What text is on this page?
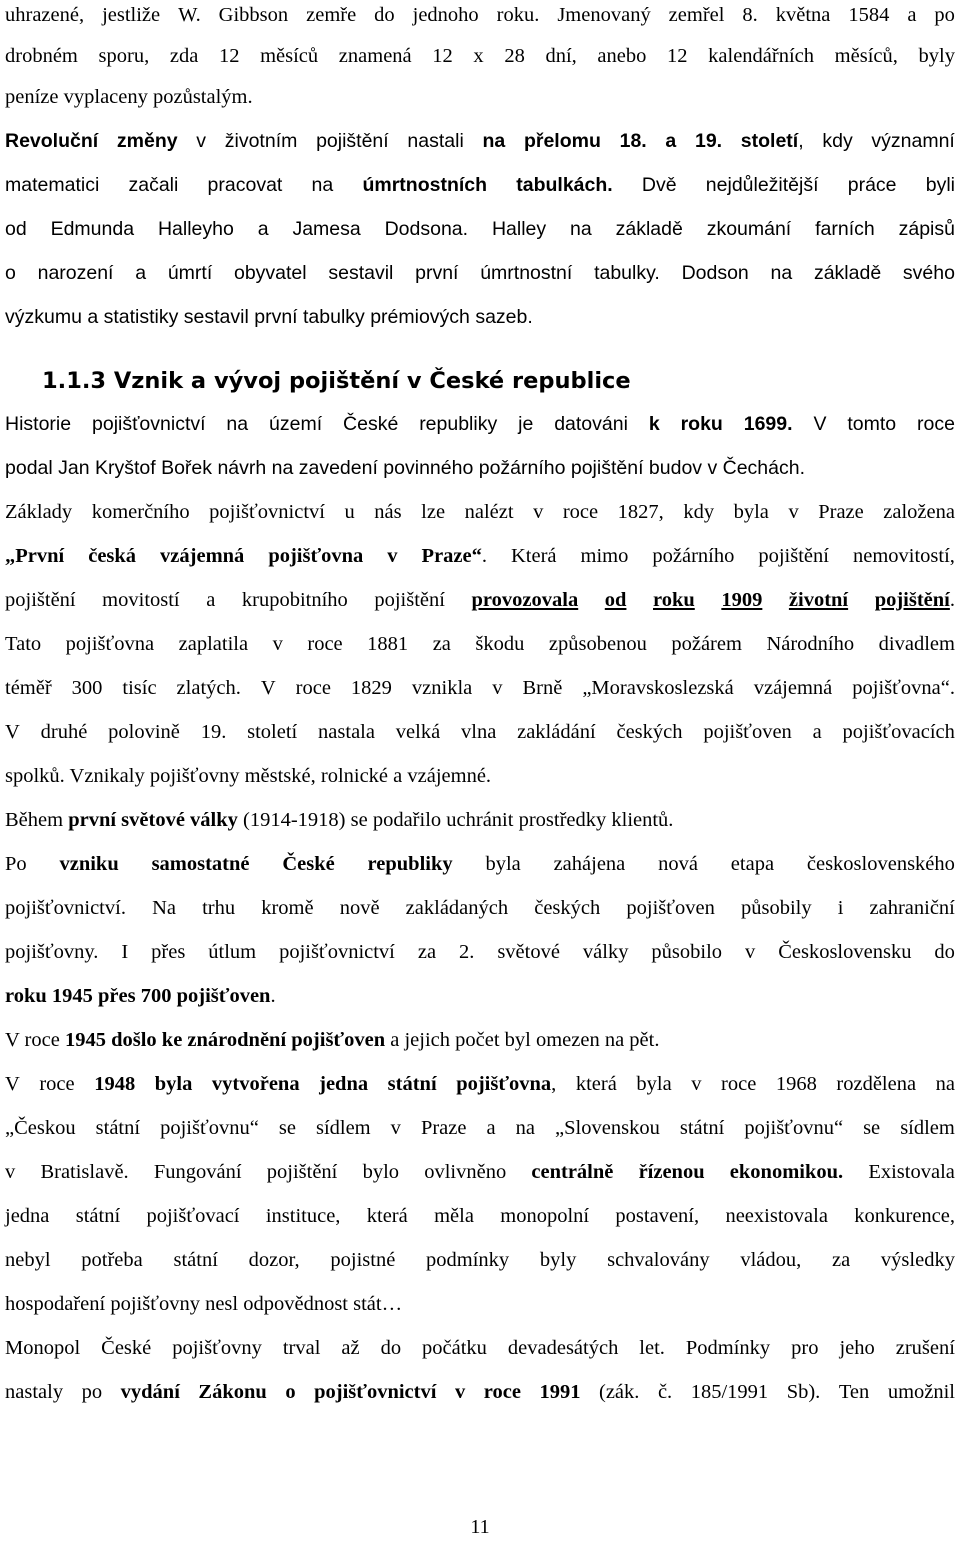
1.1.3 Vznik a vývoj pojištění v České republice
uhrazené, jestliže W. Gibbson zemře do jednoho roku. Jmenovaný zemřel 8. května 1584 a po
drobném sporu, zda 12 měsíců znamená 12 x 28 dní, anebo 12 kalendářních měsíců, byly
peníze vyplaceny pozůstalým.
Revoluční změny v životním pojištění nastali na přelomu 18. a 19. století, kdy významní
matematici začali pracovat na úmrtnostních tabulkách. Dvě nejdůležitější práce byli
od Edmunda Halleyho a Jamesa Dodsona. Halley na základě zkoumání farních zápisů
o narození a úmrtí obyvatel sestavil první úmrtnostní tabulky. Dodson na základě svého
výzkumu a statistiky sestavil první tabulky prémiových sazeb.
Historie pojišťovnictví na území České republiky je datováni k roku 1699. V tomto roce
podal Jan Kryštof Bořek návrh na zavedení povinného požárního pojištění budov v Čechách.
Základy komerčního pojišťovnictví u nás lze nalézt v roce 1827, kdy byla v Praze založena
„První česká vzájemná pojišťovna v Praze“. Která mimo požárního pojištění nemovitostí,
pojištění movitostí a krupobitního pojištění provozovala od roku 1909 životní pojištění.
Tato pojišťovna zaplatila v roce 1881 za škodu způsobenou požárem Národního divadlem
téměř 300 tisíc zlatých. V roce 1829 vznikla v Brně „Moravskoslezská vzájemná pojišťovna“.
V druhé polovině 19. století nastala velká vlna zakládání českých pojišťoven a pojišťovacích
spolků. Vznikaly pojišťovny městské, rolnické a vzájemné.
Během první světové války (1914-1918) se podařilo uchránit prostředky klientů.
Po vzniku samostatné České republiky byla zahájena nová etapa československého
pojišťovnictví. Na trhu kromě nově zakládaných českých pojišťoven působily i zahraniční
pojišťovny. I přes útlum pojišťovnictví za 2. světové války působilo v Československu do
roku 1945 přes 700 pojišťoven.
V roce 1945 došlo ke znárodnění pojišťoven a jejich počet byl omezen na pět.
V roce 1948 byla vytvořena jedna státní pojišťovna, která byla v roce 1968 rozdělena na
„Českou státní pojišťovnu“ se sídlem v Praze a na „Slovenskou státní pojišťovnu“ se sídlem
v Bratislavě. Fungování pojištění bylo ovlivněno centrálně řízenou ekonomikou. Existovala
jedna státní pojišťovací instituce, která měla monopolní postavení, neexistovala konkurence,
nebyl potřeba státní dozor, pojistné podmínky byly schvalovány vládou, za výsledky
hospodaření pojišťovny nesl odpovědnost stát…
Monopol České pojišťovny trval až do počátku devadesátých let. Podmínky pro jeho zrušení
nastaly po vydání Zákonu o pojišťovnictví v roce 1991 (zák. č. 185/1991 Sb). Ten umožnil
11
